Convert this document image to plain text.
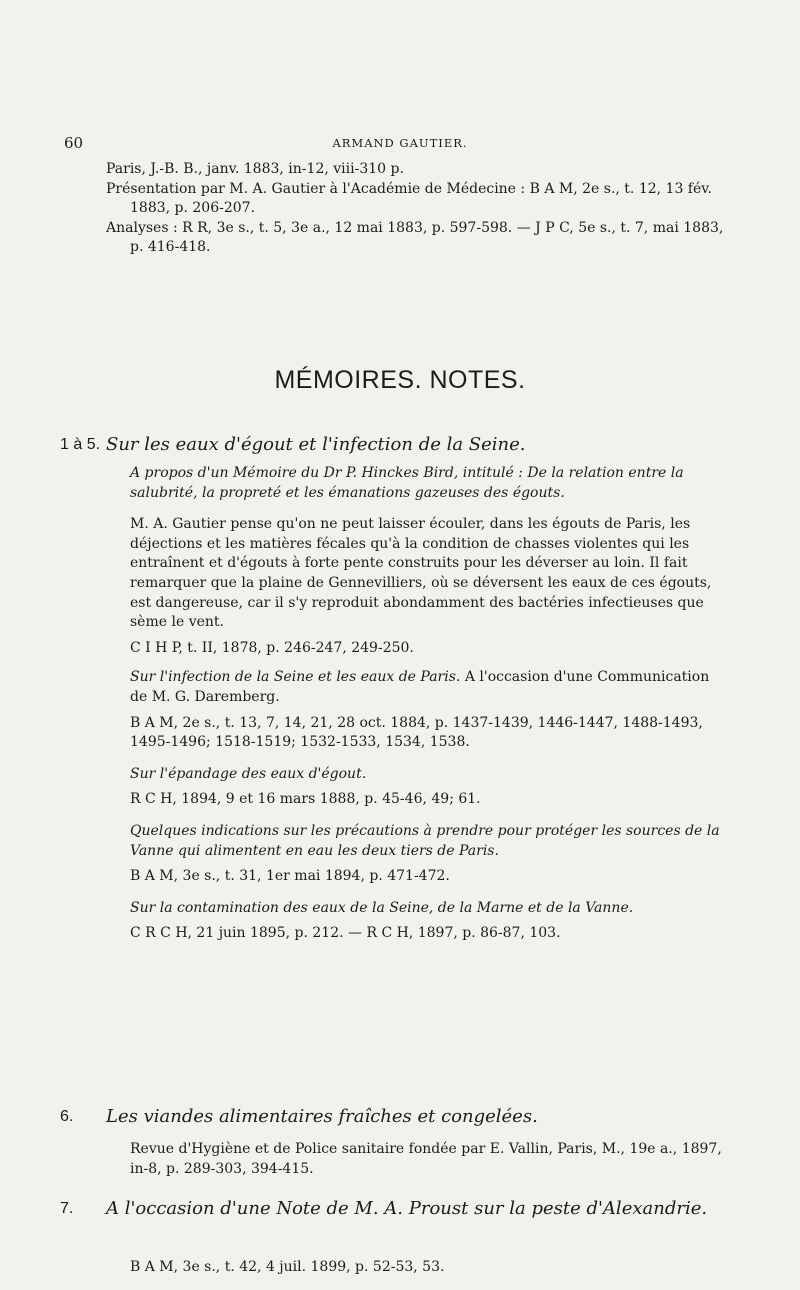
60	ARMAND GAUTIER.

Paris, J.-B. B., janv. 1883, in-12, viii-310 p.

Présentation par M. A. Gautier à l'Académie de Médecine : B A M, 2e s., t. 12, 13 fév. 1883, p. 206-207.

Analyses : R R, 3e s., t. 5, 3e a., 12 mai 1883, p. 597-598. — J P C, 5e s., t. 7, mai 1883, p. 416-418.

MÉMOIRES. NOTES.
1 à 5. Sur les eaux d'égout et l'infection de la Seine.

A propos d'un Mémoire du Dr P. Hinckes Bird, intitulé : De la relation entre la salubrité, la propreté et les émanations gazeuses des égouts.

M. A. Gautier pense qu'on ne peut laisser écouler, dans les égouts de Paris, les déjections et les matières fécales qu'à la condition de chasses violentes qui les entraînent et d'égouts à forte pente construits pour les déverser au loin. Il fait remarquer que la plaine de Gennevilliers, où se déversent les eaux de ces égouts, est dangereuse, car il s'y reproduit abondamment des bactéries infectieuses que sème le vent.

C I H P, t. II, 1878, p. 246-247, 249-250.

Sur l'infection de la Seine et les eaux de Paris. A l'occasion d'une Communication de M. G. Daremberg.

B A M, 2e s., t. 13, 7, 14, 21, 28 oct. 1884, p. 1437-1439, 1446-1447, 1488-1493, 1495-1496; 1518-1519; 1532-1533, 1534, 1538.

Sur l'épandage des eaux d'égout.

R C H, 1894, 9 et 16 mars 1888, p. 45-46, 49; 61.

Quelques indications sur les précautions à prendre pour protéger les sources de la Vanne qui alimentent en eau les deux tiers de Paris.

B A M, 3e s., t. 31, 1er mai 1894, p. 471-472.

Sur la contamination des eaux de la Seine, de la Marne et de la Vanne.

C R C H, 21 juin 1895, p. 212. — R C H, 1897, p. 86-87, 103.

6. Les viandes alimentaires fraîches et congelées.

Revue d'Hygiène et de Police sanitaire fondée par E. Vallin, Paris, M., 19e a., 1897, in-8, p. 289-303, 394-415.

7. A l'occasion d'une Note de M. A. Proust sur la peste d'Alexandrie.

B A M, 3e s., t. 42, 4 juil. 1899, p. 52-53, 53.
